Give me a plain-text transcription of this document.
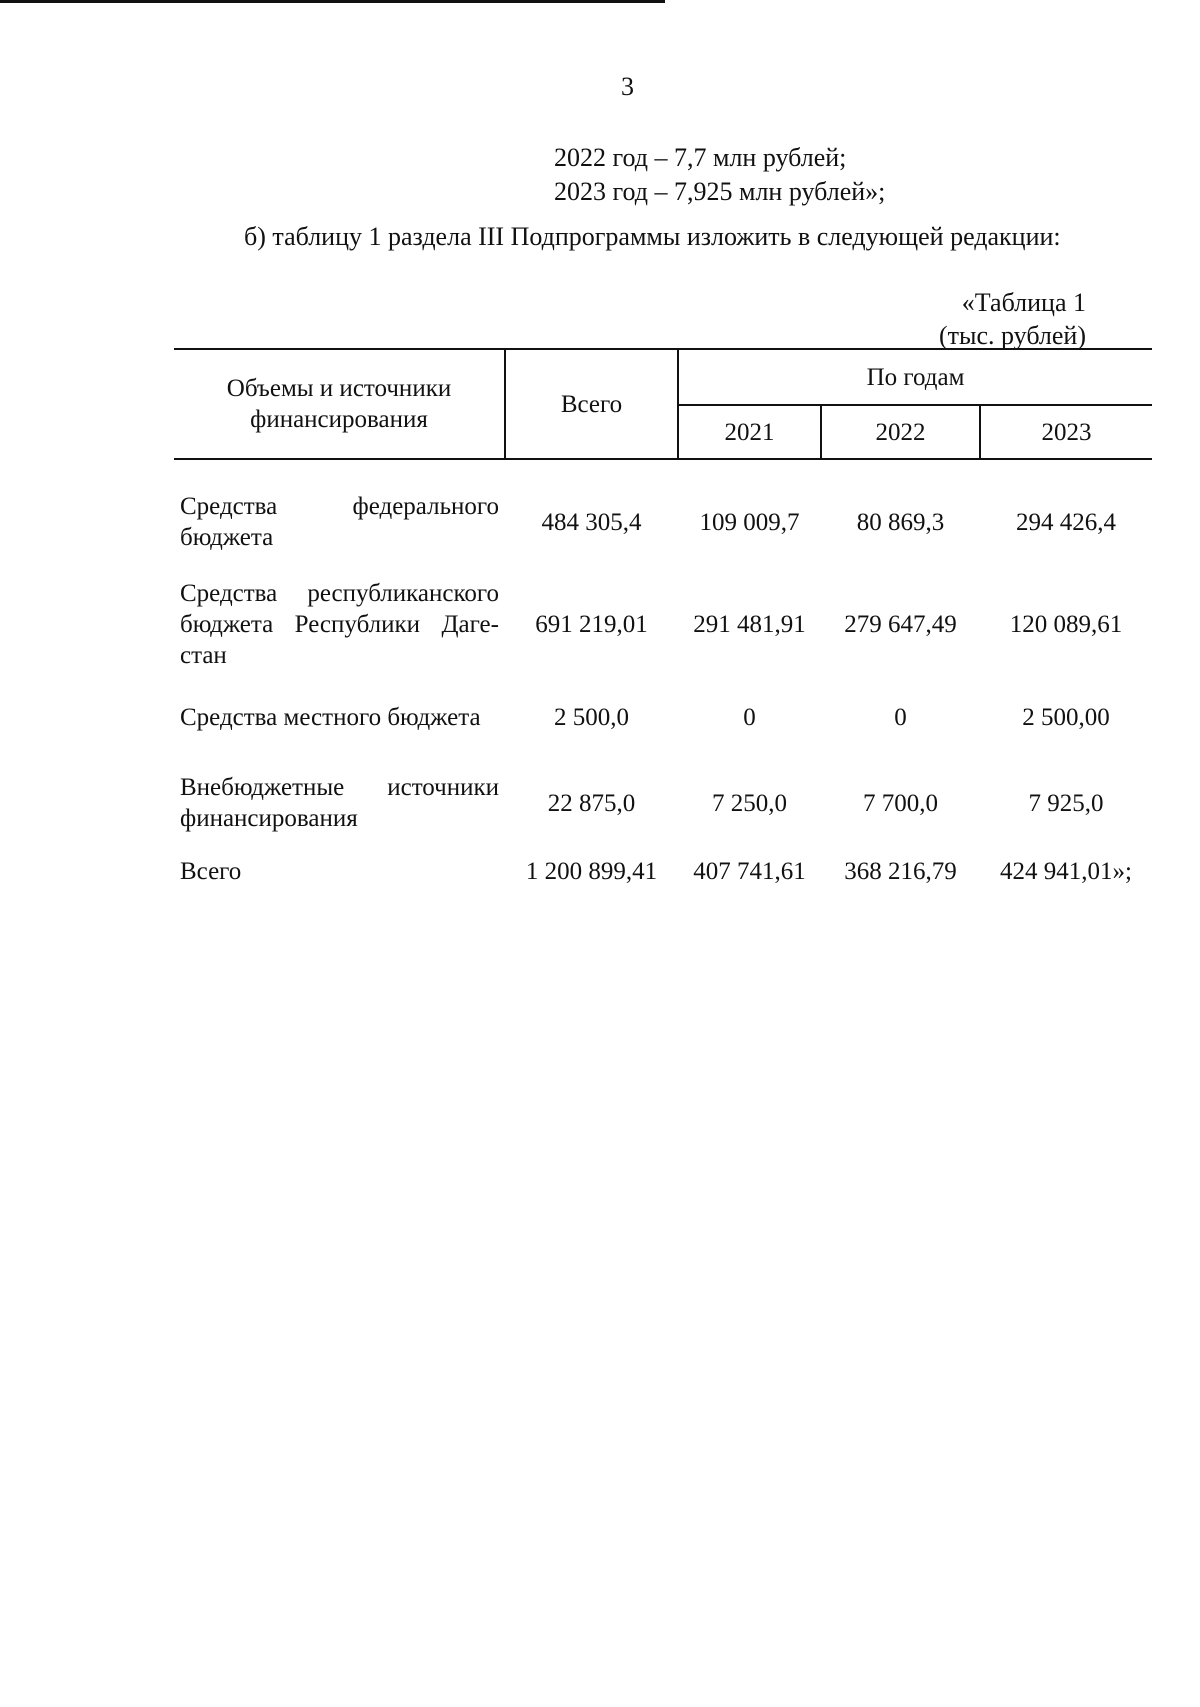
3
2022 год – 7,7 млн рублей;
2023 год – 7,925 млн рублей»;
б) таблицу 1 раздела III Подпрограммы изложить в следующей редакции:
«Таблица 1
(тыс. рублей)
Объемы и источники финансирования	Всего	По годам		
		2021	2022	2023
Средства федерального бюджета	484 305,4	109 009,7	80 869,3	294 426,4
Средства республиканского бюджета Республики Дагестан	691 219,01	291 481,91	279 647,49	120 089,61
Средства местного бюджета	2 500,0	0	0	2 500,00
Внебюджетные источники финансирования	22 875,0	7 250,0	7 700,0	7 925,0
Всего	1 200 899,41	407 741,61	368 216,79	424 941,01»;
